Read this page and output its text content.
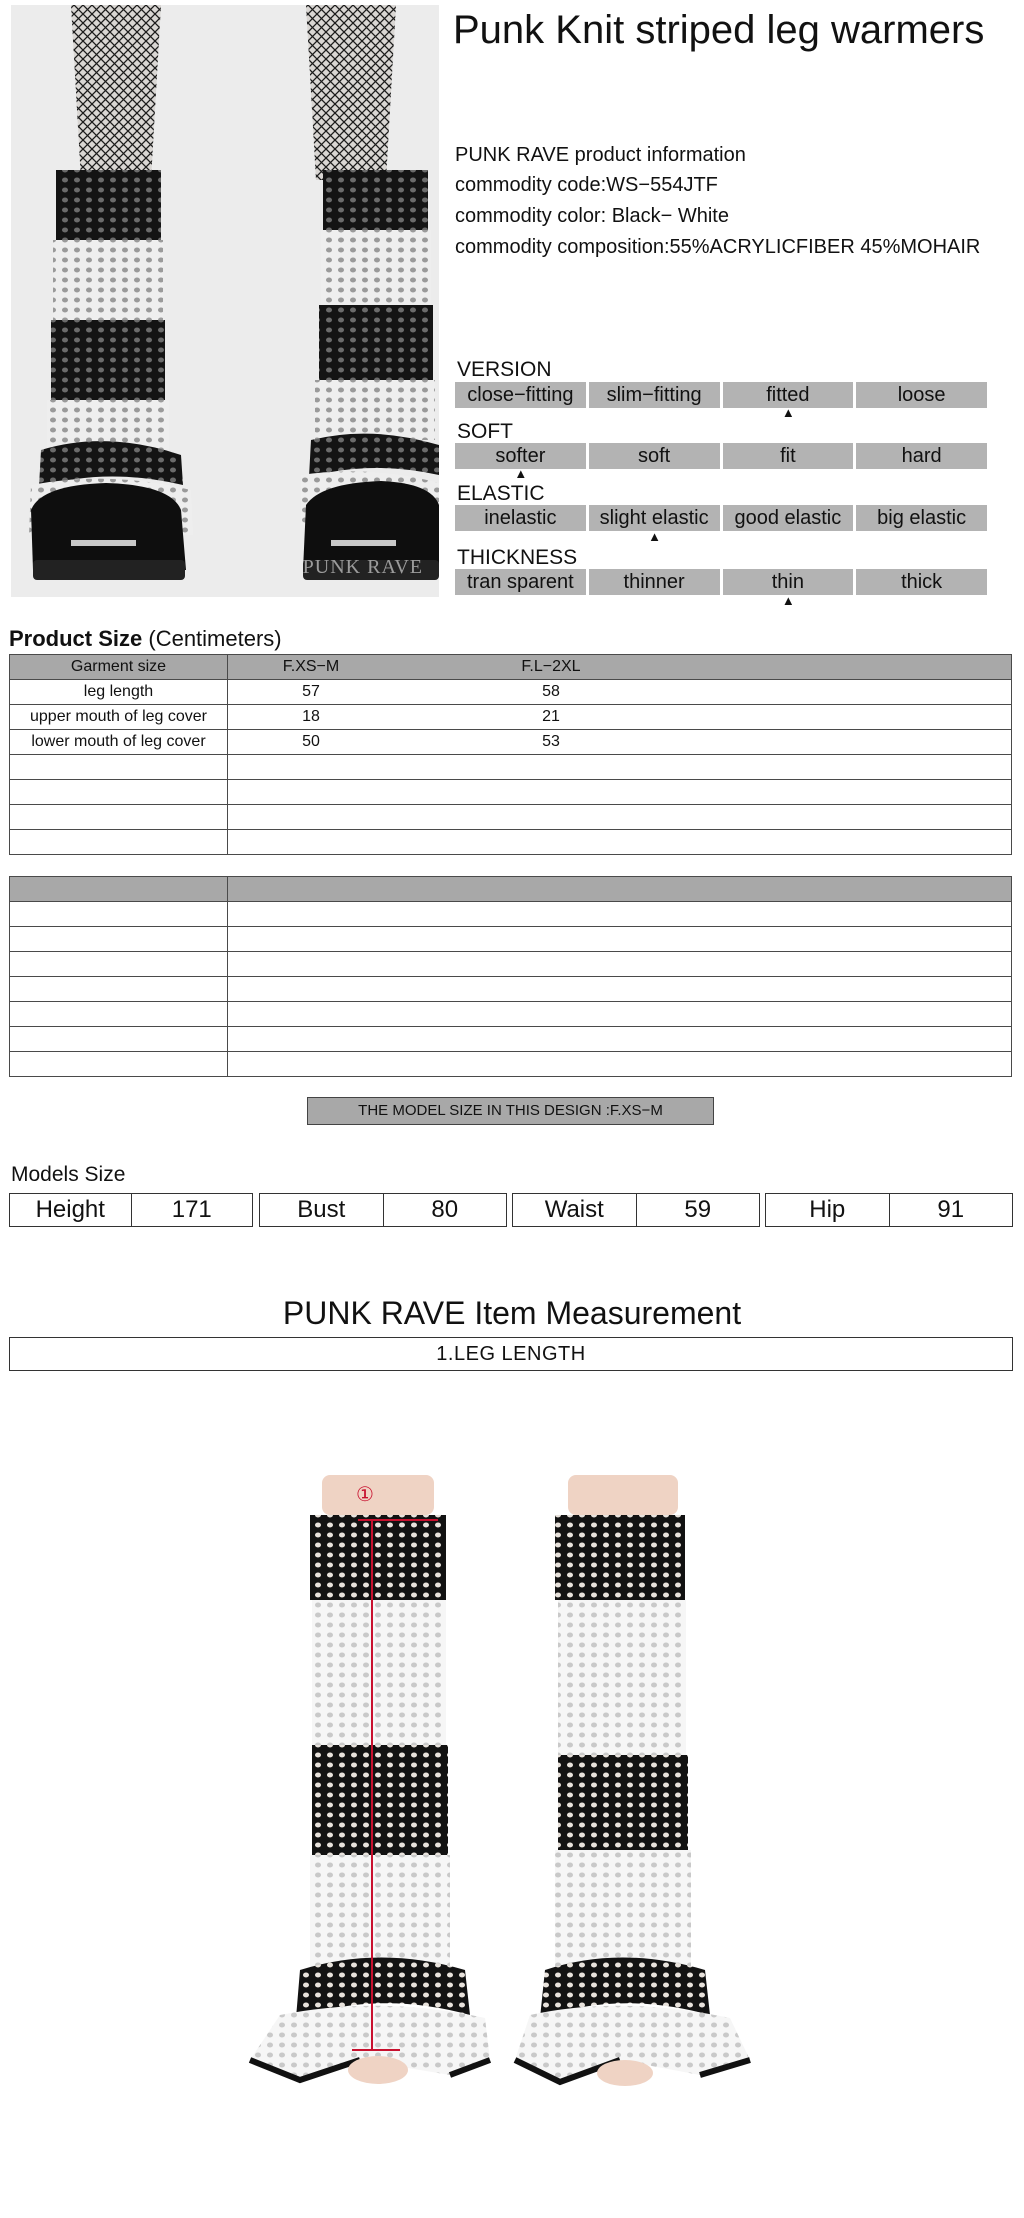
PUNK RAVE
Punk Knit striped leg warmers
PUNK RAVE product information
commodity code:WS−554JTF
commodity color: Black− White
commodity composition:55%ACRYLICFIBER 45%MOHAIR
VERSION
close−fitting	slim−fitting	fitted	loose
▲
SOFT
softer	soft	fit	hard
▲
ELASTIC
inelastic	slight elastic	good elastic	big elastic
▲
THICKNESS
tran sparent	thinner	thin	thick
▲
Product Size (Centimeters)
Garment size	F.XS−M F.L−2XL
leg length	57 58
upper mouth of leg cover	18 21
lower mouth of leg cover	50 53

THE MODEL SIZE IN THIS DESIGN :F.XS−M
Models Size
Height	171	Bust	80	Waist	59	Hip	91
PUNK RAVE Item Measurement
1.LEG LENGTH
①
